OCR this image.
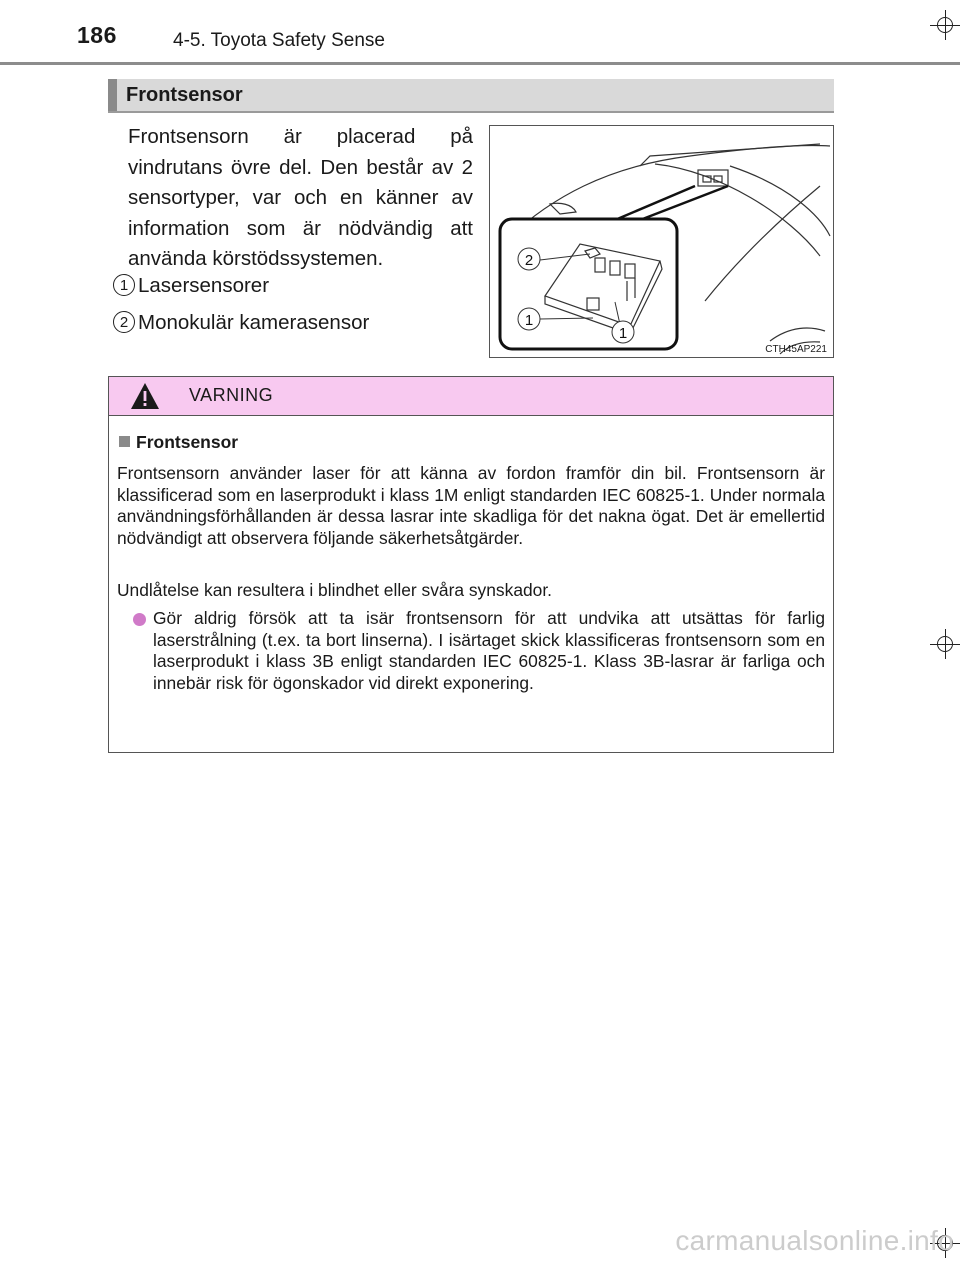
186	4-5. Toyota Safety Sense
Frontsensor
Frontsensorn är placerad på vindrutans övre del. Den består av 2 sensortyper, var och en känner av information som är nödvändig att använda körstödssystemen.
1 Lasersensorer
2 Monokulär kamerasensor
2
1
1
CTH45AP221
VARNING
Frontsensor
Frontsensorn använder laser för att känna av fordon framför din bil. Frontsensorn är klassificerad som en laserprodukt i klass 1M enligt standarden IEC 60825-1. Under normala användningsförhållanden är dessa lasrar inte skadliga för det nakna ögat. Det är emellertid nödvändigt att observera följande säkerhetsåtgärder.
Undlåtelse kan resultera i blindhet eller svåra synskador.
Gör aldrig försök att ta isär frontsensorn för att undvika att utsättas för farlig laserstrålning (t.ex. ta bort linserna). I isärtaget skick klassificeras frontsensorn som en laserprodukt i klass 3B enligt standarden IEC 60825-1. Klass 3B-lasrar är farliga och innebär risk för ögonskador vid direkt exponering.
carmanualsonline.info
